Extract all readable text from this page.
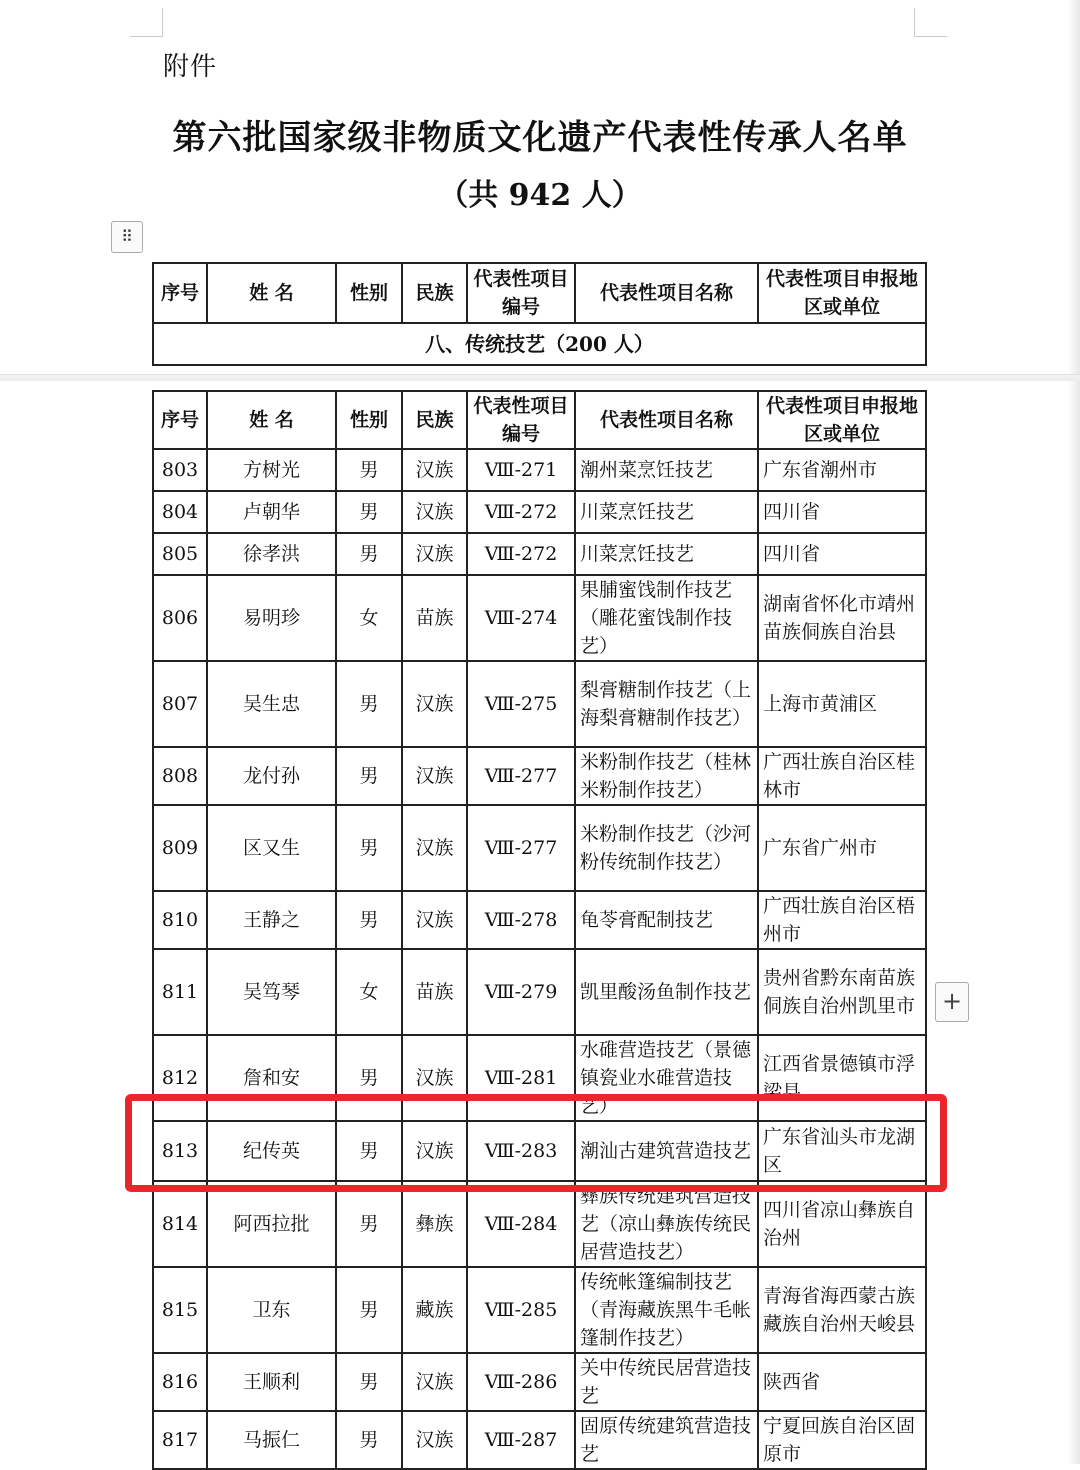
附件
第六批国家级非物质文化遗产代表性传承人名单
（共 942 人）
⠿
序号	姓 名	性别	民族	代表性项目编号	代表性项目名称	代表性项目申报地区或单位
八、传统技艺（200 人）
序号	姓 名	性别	民族	代表性项目编号	代表性项目名称	代表性项目申报地区或单位
803	方树光	男	汉族	Ⅷ-271	潮州菜烹饪技艺	广东省潮州市
804	卢朝华	男	汉族	Ⅷ-272	川菜烹饪技艺	四川省
805	徐孝洪	男	汉族	Ⅷ-272	川菜烹饪技艺	四川省
806	易明珍	女	苗族	Ⅷ-274	果脯蜜饯制作技艺（雕花蜜饯制作技艺）	湖南省怀化市靖州苗族侗族自治县
807	吴生忠	男	汉族	Ⅷ-275	梨膏糖制作技艺（上海梨膏糖制作技艺）	上海市黄浦区
808	龙付孙	男	汉族	Ⅷ-277	米粉制作技艺（桂林米粉制作技艺）	广西壮族自治区桂林市
809	区又生	男	汉族	Ⅷ-277	米粉制作技艺（沙河粉传统制作技艺）	广东省广州市
810	王静之	男	汉族	Ⅷ-278	龟苓膏配制技艺	广西壮族自治区梧州市
811	吴笃琴	女	苗族	Ⅷ-279	凯里酸汤鱼制作技艺	贵州省黔东南苗族侗族自治州凯里市
812	詹和安	男	汉族	Ⅷ-281	水碓营造技艺（景德镇瓷业水碓营造技艺）	江西省景德镇市浮梁县
813	纪传英	男	汉族	Ⅷ-283	潮汕古建筑营造技艺	广东省汕头市龙湖区
814	阿西拉批	男	彝族	Ⅷ-284	彝族传统建筑营造技艺（凉山彝族传统民居营造技艺）	四川省凉山彝族自治州
815	卫东	男	藏族	Ⅷ-285	传统帐篷编制技艺（青海藏族黑牛毛帐篷制作技艺）	青海省海西蒙古族藏族自治州天峻县
816	王顺利	男	汉族	Ⅷ-286	关中传统民居营造技艺	陕西省
817	马振仁	男	汉族	Ⅷ-287	固原传统建筑营造技艺	宁夏回族自治区固原市
+
